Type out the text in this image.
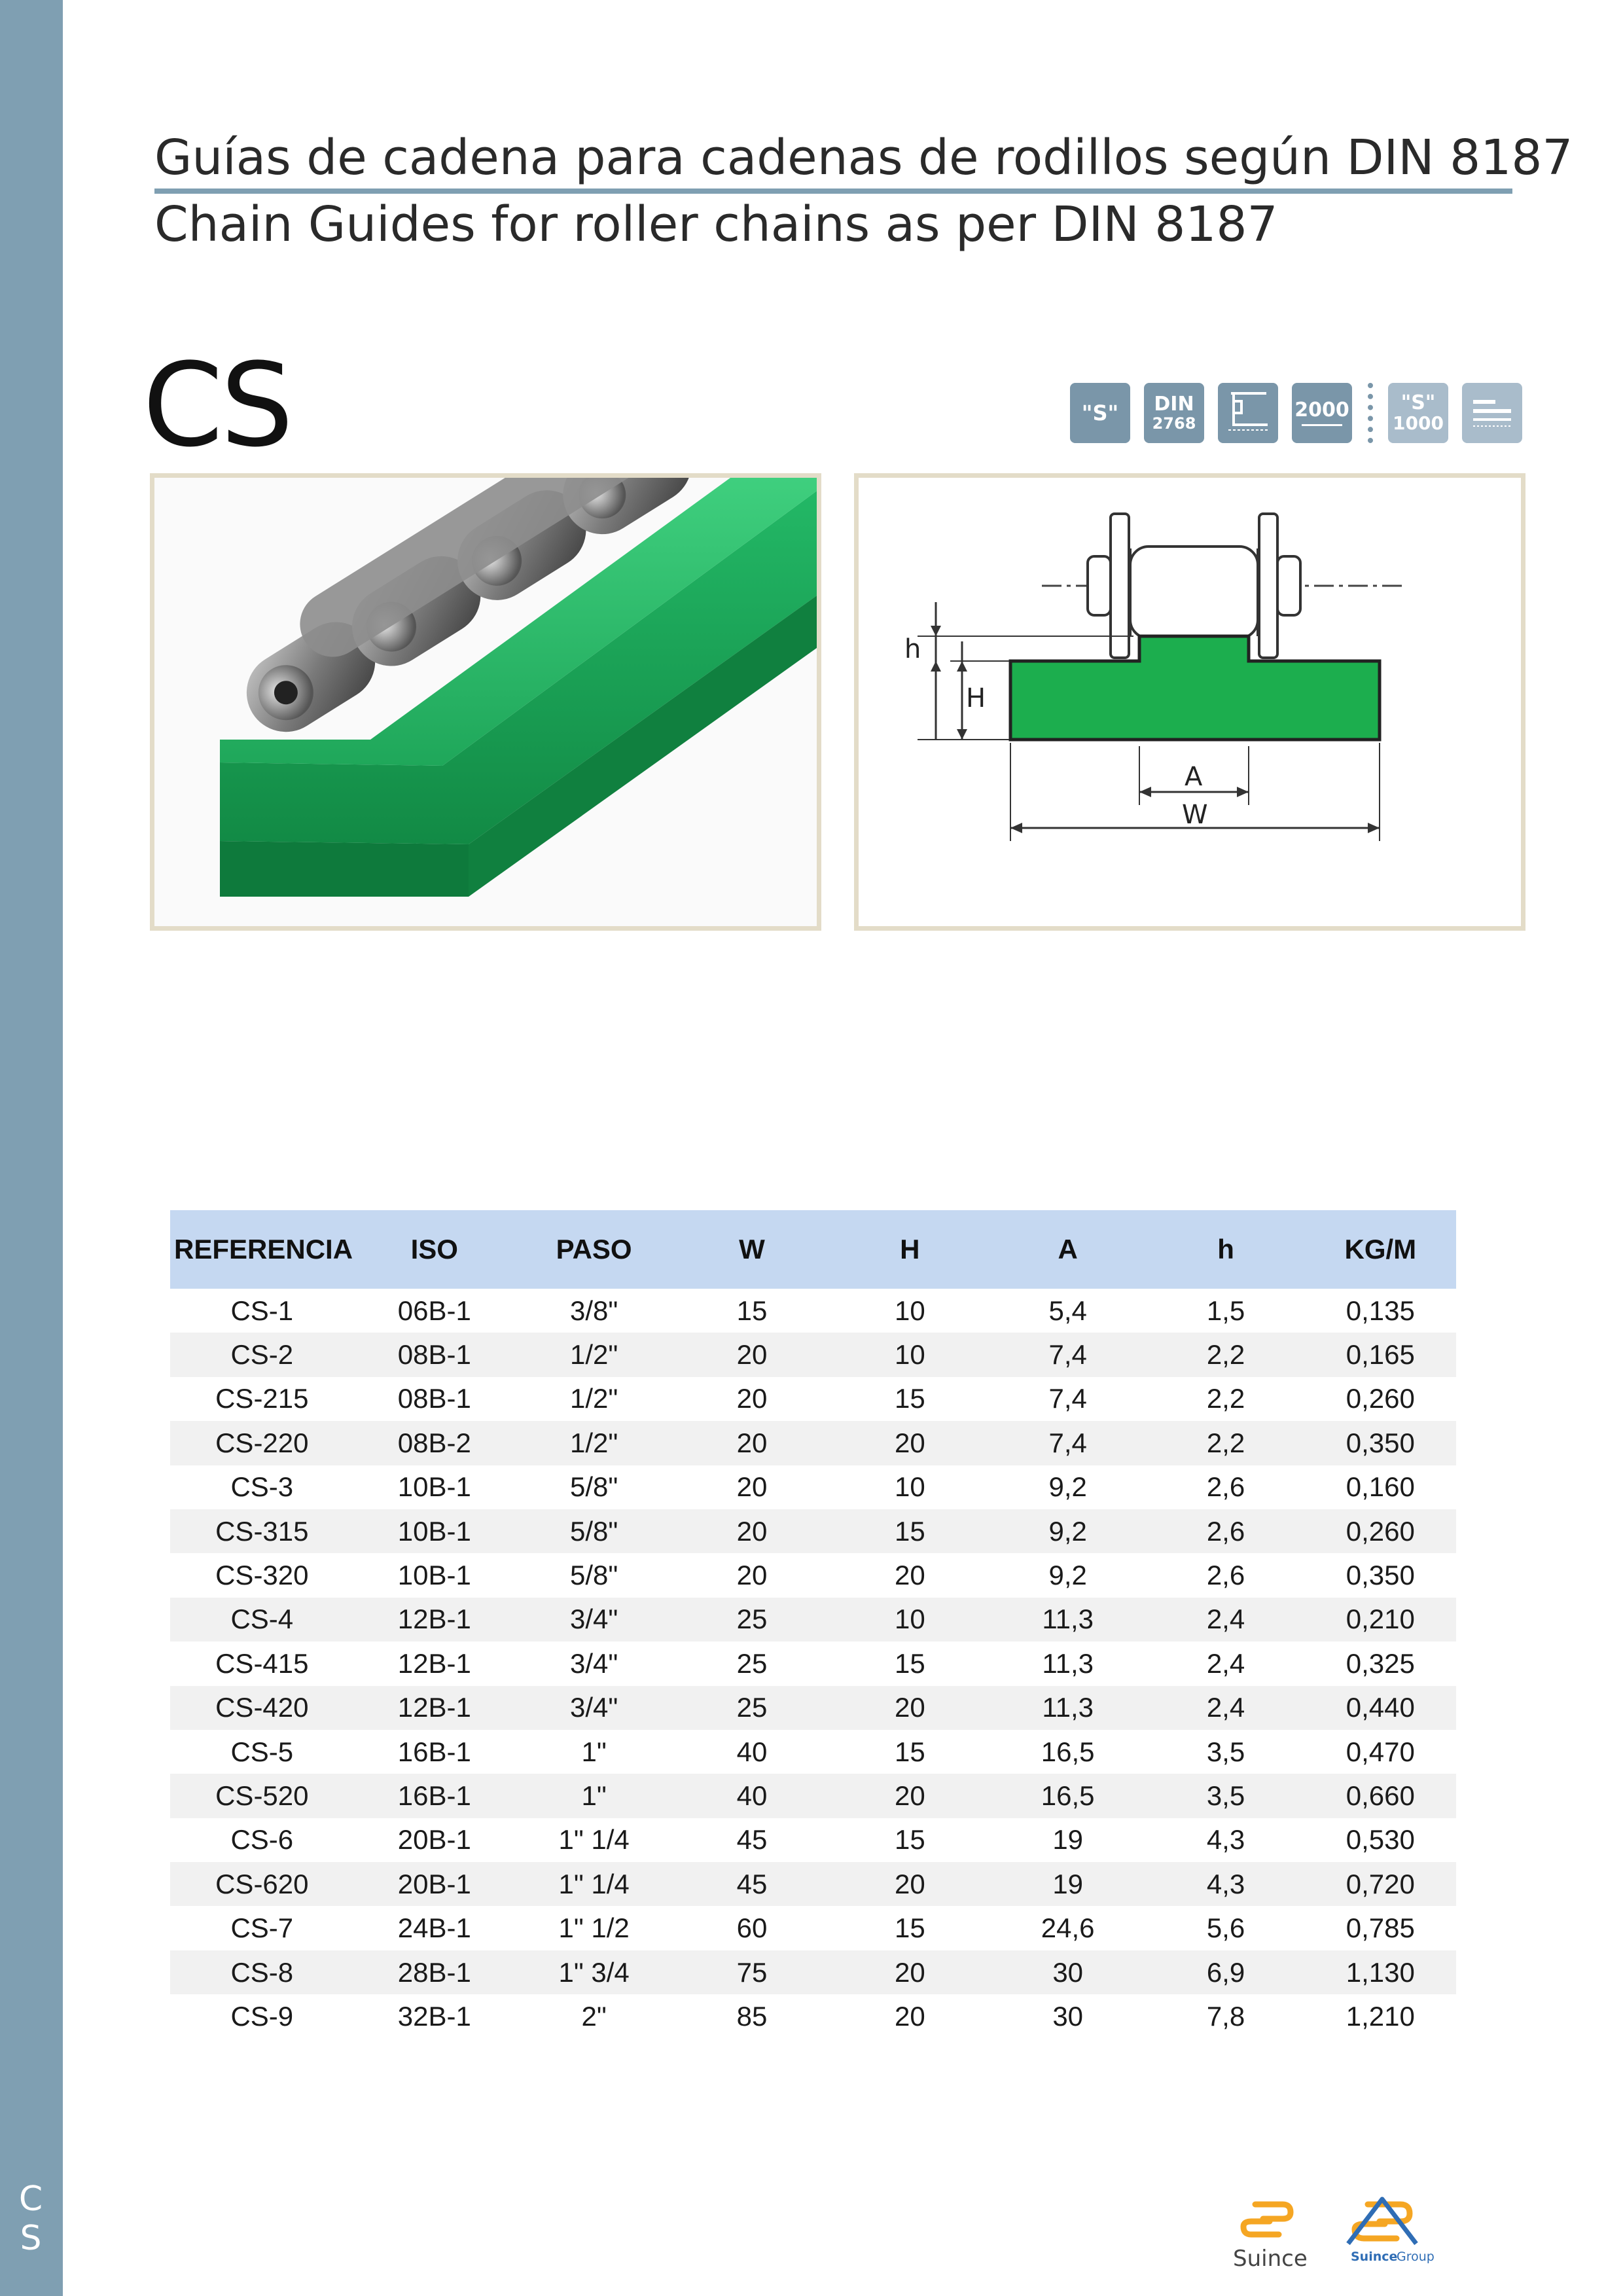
C
S
Guías de cadena para cadenas de rodillos según DIN 8187
Chain Guides for roller chains as per DIN 8187
CS	"S" DIN
2768
2000	"S"
1000
h
H
A
W
REFERENCIA	ISO	PASO	W	H	A	h	KG/M
CS-1	06B-1	3/8"	15	10	5,4	1,5	0,135
CS-2	08B-1	1/2"	20	10	7,4	2,2	0,165
CS-215	08B-1	1/2"	20	15	7,4	2,2	0,260
CS-220	08B-2	1/2"	20	20	7,4	2,2	0,350
CS-3	10B-1	5/8"	20	10	9,2	2,6	0,160
CS-315	10B-1	5/8"	20	15	9,2	2,6	0,260
CS-320	10B-1	5/8"	20	20	9,2	2,6	0,350
CS-4	12B-1	3/4"	25	10	11,3	2,4	0,210
CS-415	12B-1	3/4"	25	15	11,3	2,4	0,325
CS-420	12B-1	3/4"	25	20	11,3	2,4	0,440
CS-5	16B-1	1"	40	15	16,5	3,5	0,470
CS-520	16B-1	1"	40	20	16,5	3,5	0,660
CS-6	20B-1	1" 1/4	45	15	19	4,3	0,530
CS-620	20B-1	1" 1/4	45	20	19	4,3	0,720
CS-7	24B-1	1" 1/2	60	15	24,6	5,6	0,785
CS-8	28B-1	1" 3/4	75	20	30	6,9	1,130
CS-9	32B-1	2"	85	20	30	7,8	1,210
Suince	Suince
Group
